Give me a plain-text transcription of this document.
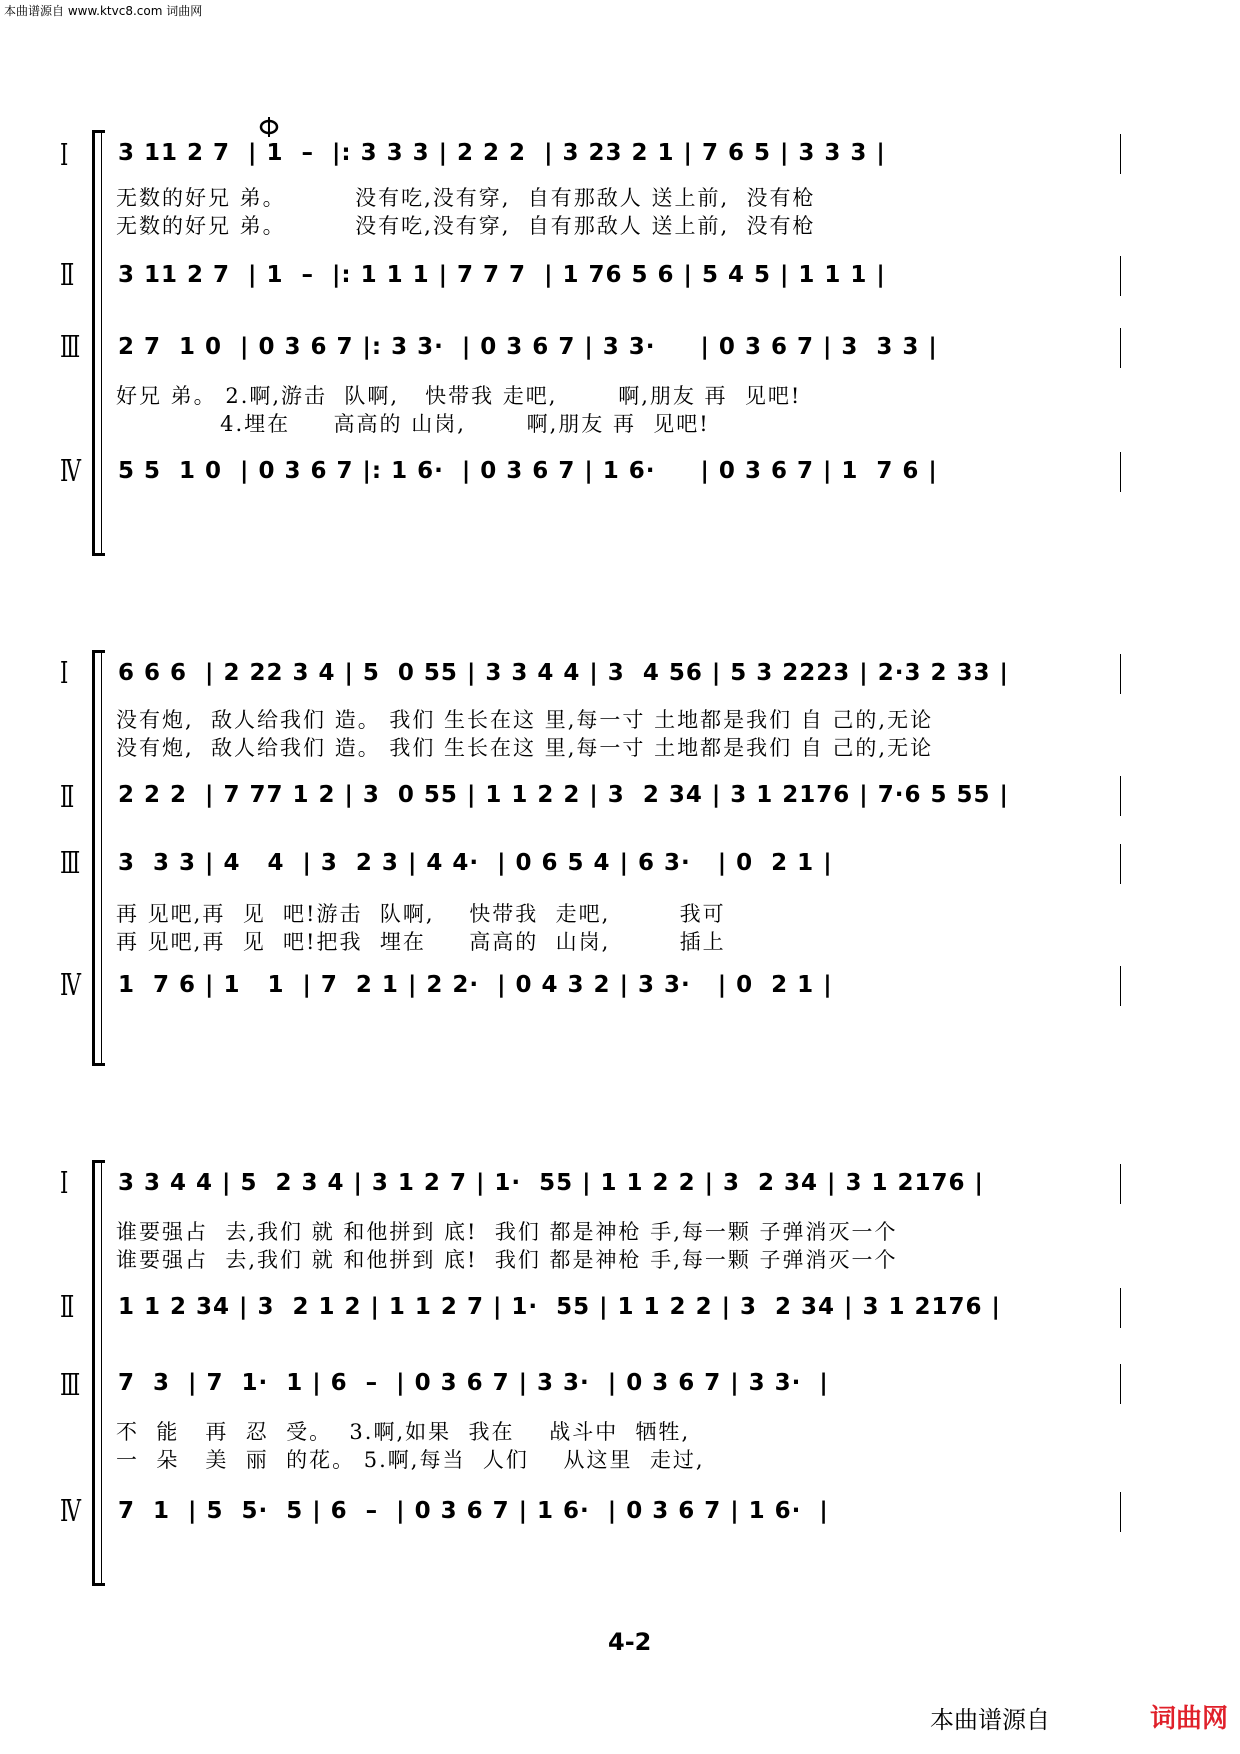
本曲谱源自 www.ktvc8.com 词曲网
Ⅰ 3 11 2 7  | 1  –  |: 3 3 3 | 2 2 2  | 3 23 2 1 | 7 6 5 | 3 3 3 |
无数的好兄 弟。        没有吃,没有穿,  自有那敌人 送上前,  没有枪
无数的好兄 弟。        没有吃,没有穿,  自有那敌人 送上前,  没有枪
Ⅱ 3 11 2 7  | 1  –  |: 1 1 1 | 7 7 7  | 1 76 5 6 | 5 4 5 | 1 1 1 |
Ⅲ 2 7  1 0  | 0 3 6 7 |: 3 3·  | 0 3 6 7 | 3 3·     | 0 3 6 7 | 3  3 3 |
好兄 弟。 2.啊,游击  队啊,   快带我 走吧,       啊,朋友 再  见吧!
4.埋在     高高的 山岗,       啊,朋友 再  见吧!
Ⅳ 5 5  1 0  | 0 3 6 7 |: 1 6·  | 0 3 6 7 | 1 6·     | 0 3 6 7 | 1  7 6 |
Ⅰ 6 6 6  | 2 22 3 4 | 5  0 55 | 3 3 4 4 | 3  4 56 | 5 3 2223 | 2·3 2 33 |
没有炮,  敌人给我们 造。 我们 生长在这 里,每一寸 土地都是我们 自 己的,无论
没有炮,  敌人给我们 造。 我们 生长在这 里,每一寸 土地都是我们 自 己的,无论
Ⅱ 2 2 2  | 7 77 1 2 | 3  0 55 | 1 1 2 2 | 3  2 34 | 3 1 2176 | 7·6 5 55 |
Ⅲ 3  3 3 | 4   4  | 3  2 3 | 4 4·  | 0 6 5 4 | 6 3·   | 0  2 1 |
再 见吧,再  见  吧!游击  队啊,    快带我  走吧,        我可
再 见吧,再  见  吧!把我  埋在     高高的  山岗,        插上
Ⅳ 1  7 6 | 1   1  | 7  2 1 | 2 2·  | 0 4 3 2 | 3 3·   | 0  2 1 |
Ⅰ 3 3 4 4 | 5  2 3 4 | 3 1 2 7 | 1·  55 | 1 1 2 2 | 3  2 34 | 3 1 2176 |
谁要强占  去,我们 就 和他拼到 底!  我们 都是神枪 手,每一颗 子弹消灭一个
谁要强占  去,我们 就 和他拼到 底!  我们 都是神枪 手,每一颗 子弹消灭一个
Ⅱ 1 1 2 34 | 3  2 1 2 | 1 1 2 7 | 1·  55 | 1 1 2 2 | 3  2 34 | 3 1 2176 |
Ⅲ 7  3  | 7  1·  1 | 6  –  | 0 3 6 7 | 3 3·  | 0 3 6 7 | 3 3·  |
不  能   再  忍  受。  3.啊,如果  我在    战斗中  牺牲,
一  朵   美  丽  的花。 5.啊,每当  人们    从这里  走过,
Ⅳ 7  1  | 5  5·  5 | 6  –  | 0 3 6 7 | 1 6·  | 0 3 6 7 | 1 6·  |
4-2
本曲谱源自	词曲网
